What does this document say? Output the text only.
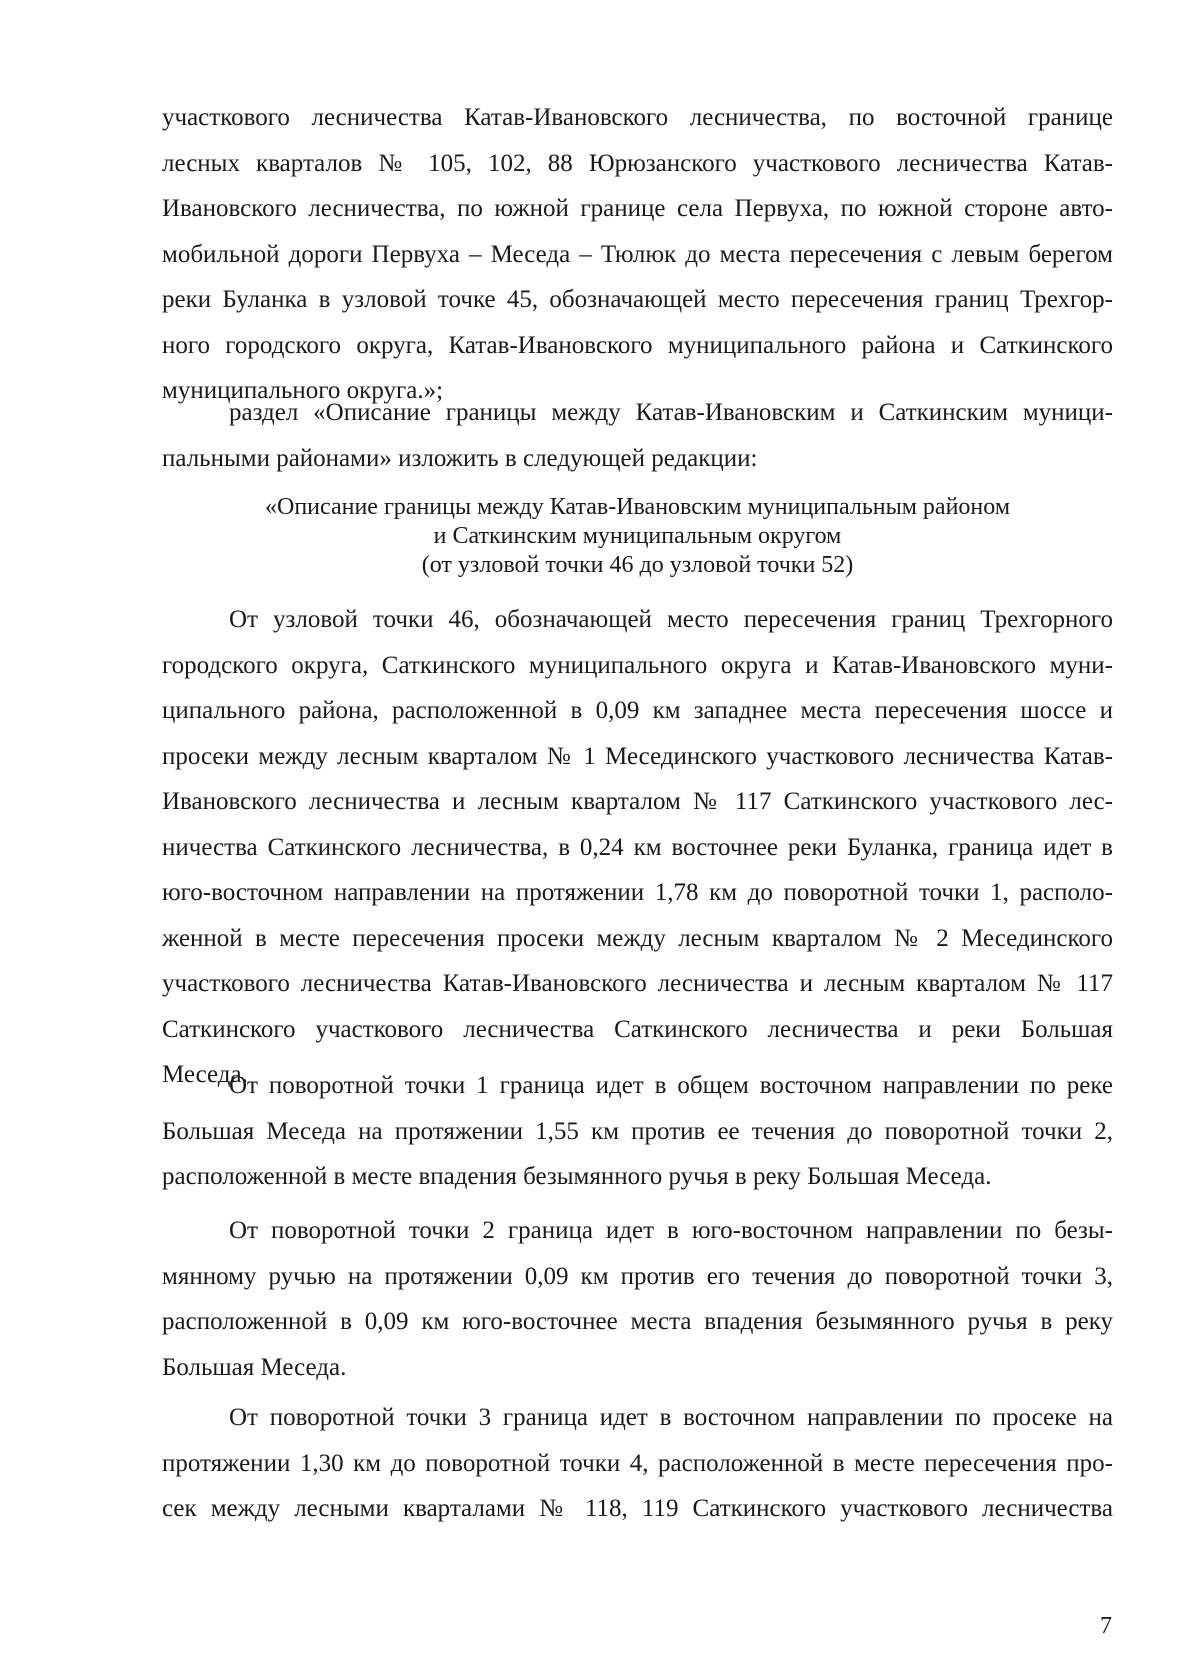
участкового лесничества Катав-Ивановского лесничества, по восточной границе
лесных кварталов № 105, 102, 88 Юрюзанского участкового лесничества Катав-
Ивановского лесничества, по южной границе села Первуха, по южной стороне авто-
мобильной дороги Первуха – Меседа – Тюлюк до места пересечения с левым берегом
реки Буланка в узловой точке 45, обозначающей место пересечения границ Трехгор-
ного городского округа, Катав-Ивановского муниципального района и Саткинского
муниципального округа.»;
раздел «Описание границы между Катав-Ивановским и Саткинским муници-
пальными районами» изложить в следующей редакции:
«Описание границы между Катав-Ивановским муниципальным районом
и Саткинским муниципальным округом
(от узловой точки 46 до узловой точки 52)
От узловой точки 46, обозначающей место пересечения границ Трехгорного
городского округа, Саткинского муниципального округа и Катав-Ивановского муни-
ципального района, расположенной в 0,09 км западнее места пересечения шоссе и
просеки между лесным кварталом № 1 Месединского участкового лесничества Катав-
Ивановского лесничества и лесным кварталом № 117 Саткинского участкового лес-
ничества Саткинского лесничества, в 0,24 км восточнее реки Буланка, граница идет в
юго-восточном направлении на протяжении 1,78 км до поворотной точки 1, располо-
женной в месте пересечения просеки между лесным кварталом № 2 Месединского
участкового лесничества Катав-Ивановского лесничества и лесным кварталом № 117
Саткинского участкового лесничества Саткинского лесничества и реки Большая
Меседа.
От поворотной точки 1 граница идет в общем восточном направлении по реке
Большая Меседа на протяжении 1,55 км против ее течения до поворотной точки 2,
расположенной в месте впадения безымянного ручья в реку Большая Меседа.
От поворотной точки 2 граница идет в юго-восточном направлении по безы-
мянному ручью на протяжении 0,09 км против его течения до поворотной точки 3,
расположенной в 0,09 км юго-восточнее места впадения безымянного ручья в реку
Большая Меседа.
От поворотной точки 3 граница идет в восточном направлении по просеке на
протяжении 1,30 км до поворотной точки 4, расположенной в месте пересечения про-
сек между лесными кварталами № 118, 119 Саткинского участкового лесничества
7
